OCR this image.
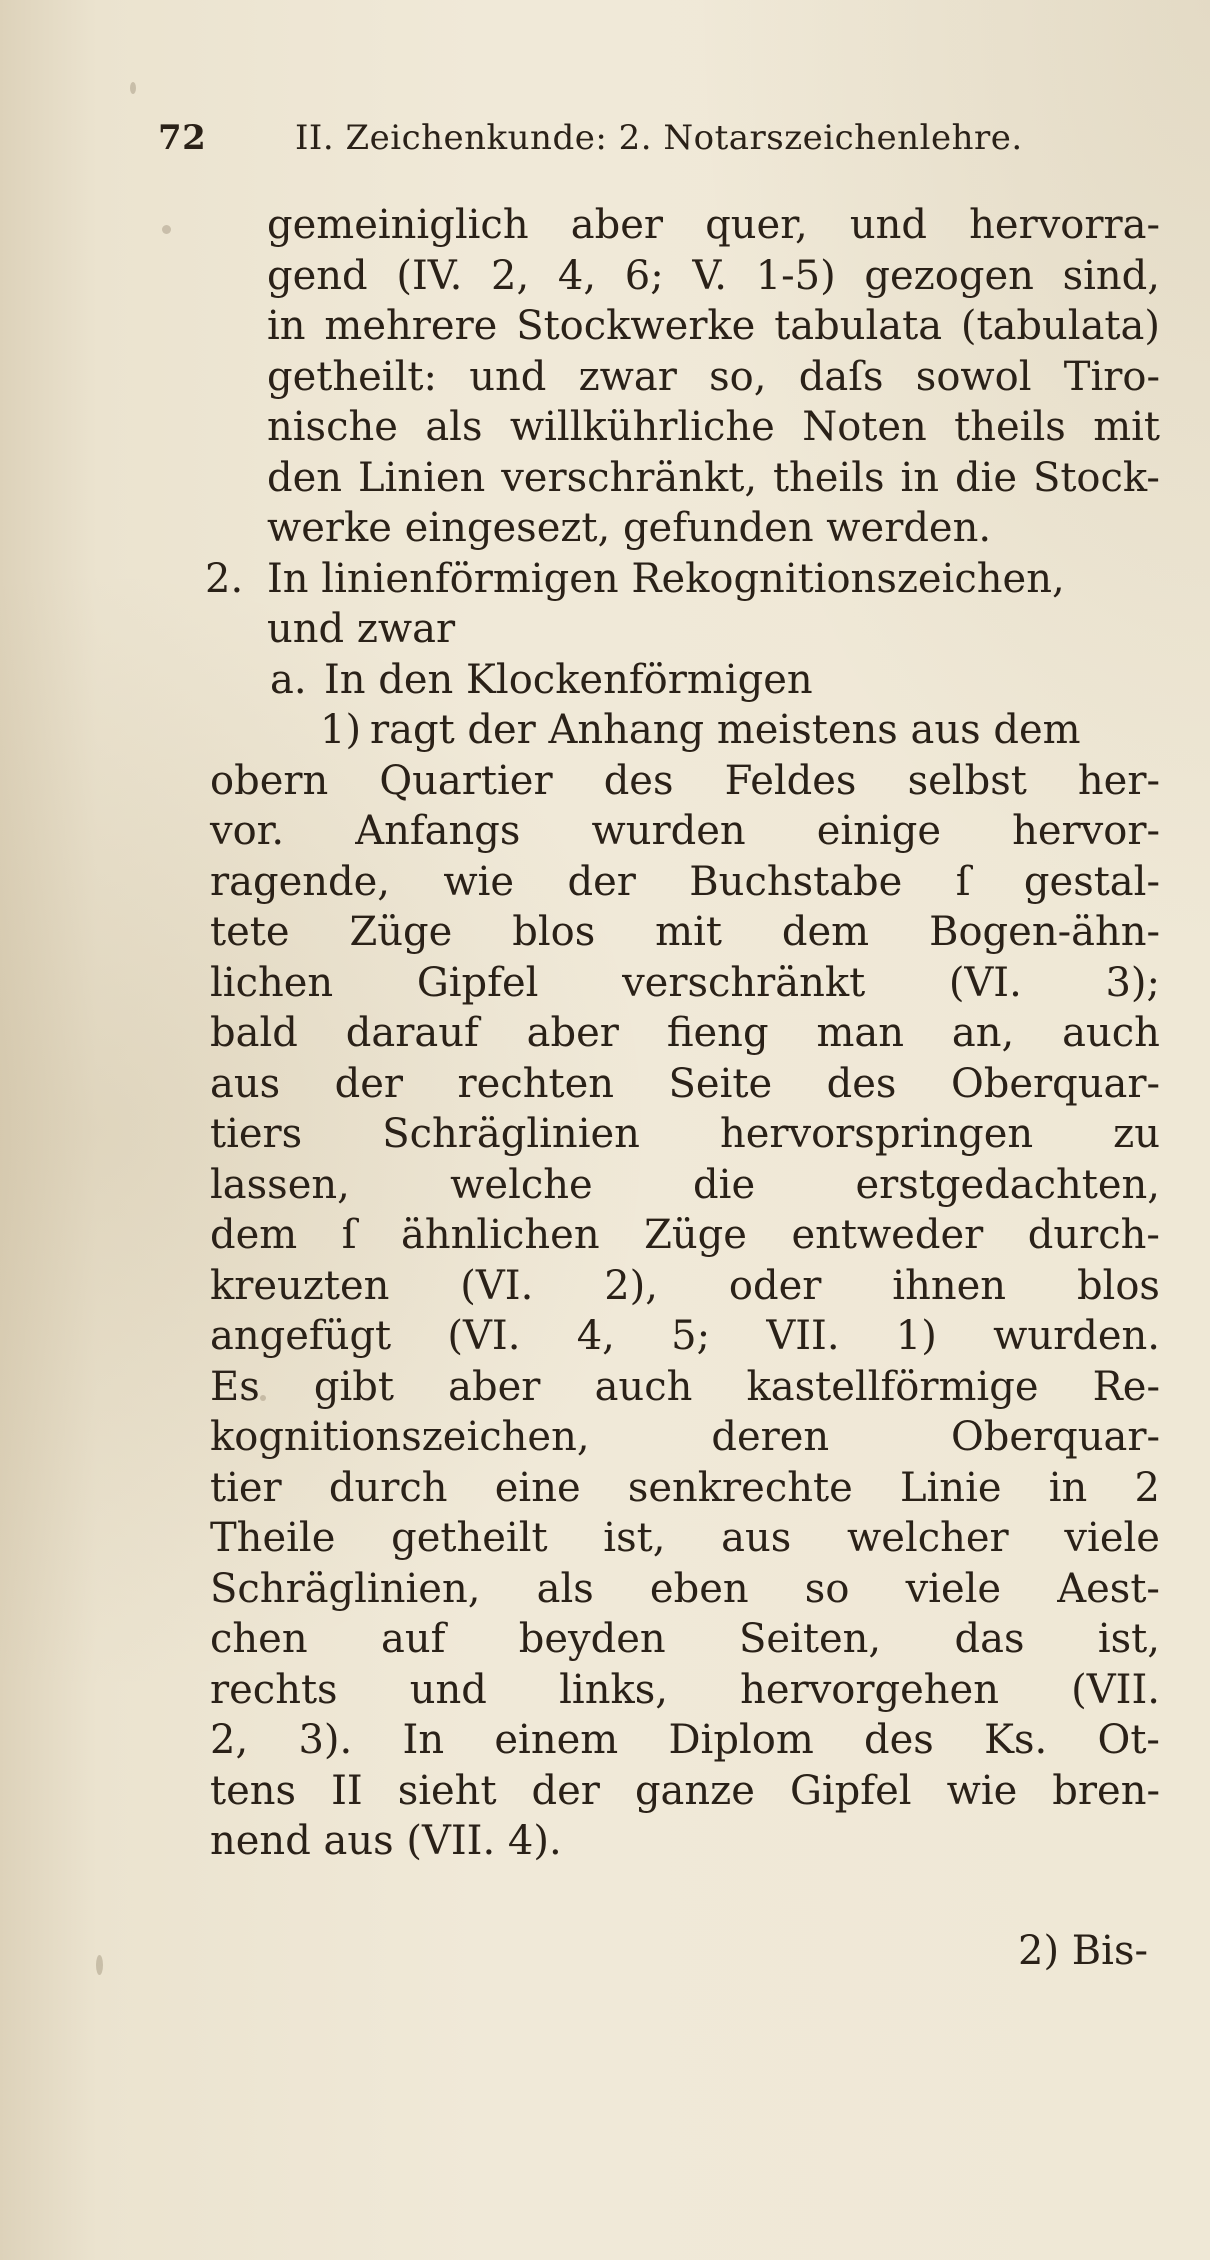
72	II. Zeichenkunde: 2. Notarszeichenlehre.
gemeiniglich aber quer, und hervorra-
gend (IV. 2, 4, 6; V. 1-5) gezogen sind,
in mehrere Stockwerke tabulata (tabulata)
getheilt: und zwar so, daſs sowol Tiro-
nische als willkührliche Noten theils mit
den Linien verschränkt, theils in die Stock-
werke eingesezt, gefunden werden.
2. In linienförmigen Rekognitionszeichen,
und zwar
a. In den Klockenförmigen
1) ragt der Anhang meistens aus dem
obern Quartier des Feldes selbst her-
vor. Anfangs wurden einige hervor-
ragende, wie der Buchstabe ſ gestal-
tete Züge blos mit dem Bogen-ähn-
lichen Gipfel verschränkt (VI. 3);
bald darauf aber fieng man an, auch
aus der rechten Seite des Oberquar-
tiers Schräglinien hervorspringen zu
lassen,	welche	die	erstgedachten,
dem ſ ähnlichen Züge entweder durch-
kreuzten (VI. 2), oder ihnen blos
angefügt (VI. 4, 5; VII. 1) wurden.
Es gibt aber auch kastellförmige Re-
kognitionszeichen,	deren	Oberquar-
tier durch eine senkrechte Linie in 2
Theile getheilt ist, aus welcher viele
Schräglinien, als eben so viele Aest-
chen auf beyden Seiten, das ist,
rechts und links, hervorgehen (VII.
2, 3). In einem Diplom des Ks. Ot-
tens II sieht der ganze Gipfel wie bren-
nend aus (VII. 4).
2) Bis-
